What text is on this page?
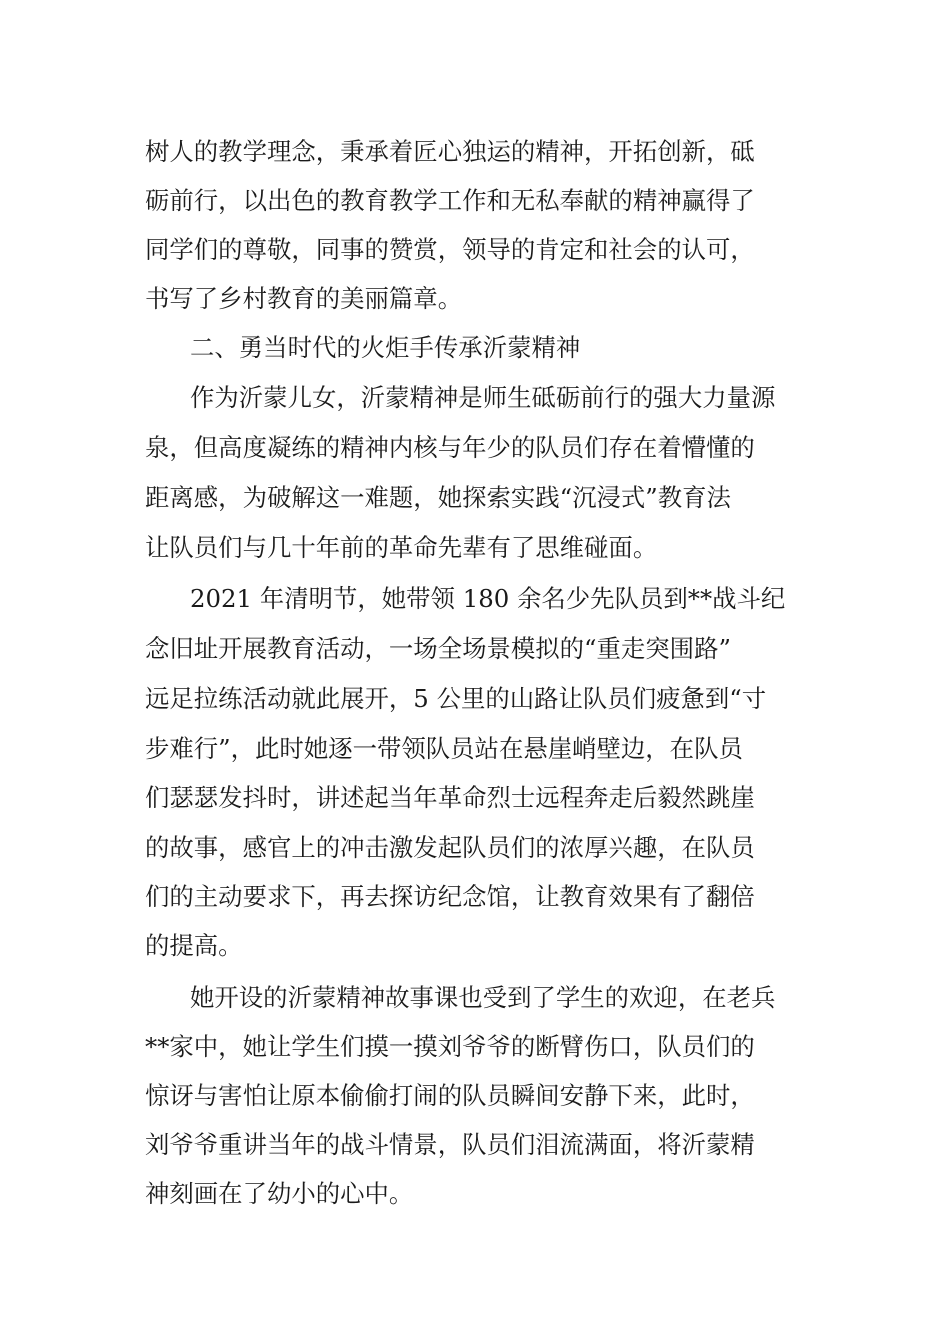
树人的教学理念，秉承着匠心独运的精神，开拓创新，砥
砺前行，以出色的教育教学工作和无私奉献的精神赢得了
同学们的尊敬，同事的赞赏，领导的肯定和社会的认可，
书写了乡村教育的美丽篇章。
二、勇当时代的火炬手传承沂蒙精神
作为沂蒙儿女，沂蒙精神是师生砥砺前行的强大力量源
泉，但高度凝练的精神内核与年少的队员们存在着懵懂的
距离感，为破解这一难题，她探索实践“沉浸式”教育法
让队员们与几十年前的革命先辈有了思维碰面。
2021 年清明节，她带领 180 余名少先队员到**战斗纪
念旧址开展教育活动，一场全场景模拟的“重走突围路”
远足拉练活动就此展开，5 公里的山路让队员们疲惫到“寸
步难行”，此时她逐一带领队员站在悬崖峭壁边，在队员
们瑟瑟发抖时，讲述起当年革命烈士远程奔走后毅然跳崖
的故事，感官上的冲击激发起队员们的浓厚兴趣，在队员
们的主动要求下，再去探访纪念馆，让教育效果有了翻倍
的提高。
她开设的沂蒙精神故事课也受到了学生的欢迎，在老兵
**家中，她让学生们摸一摸刘爷爷的断臂伤口，队员们的
惊讶与害怕让原本偷偷打闹的队员瞬间安静下来，此时，
刘爷爷重讲当年的战斗情景，队员们泪流满面，将沂蒙精
神刻画在了幼小的心中。
